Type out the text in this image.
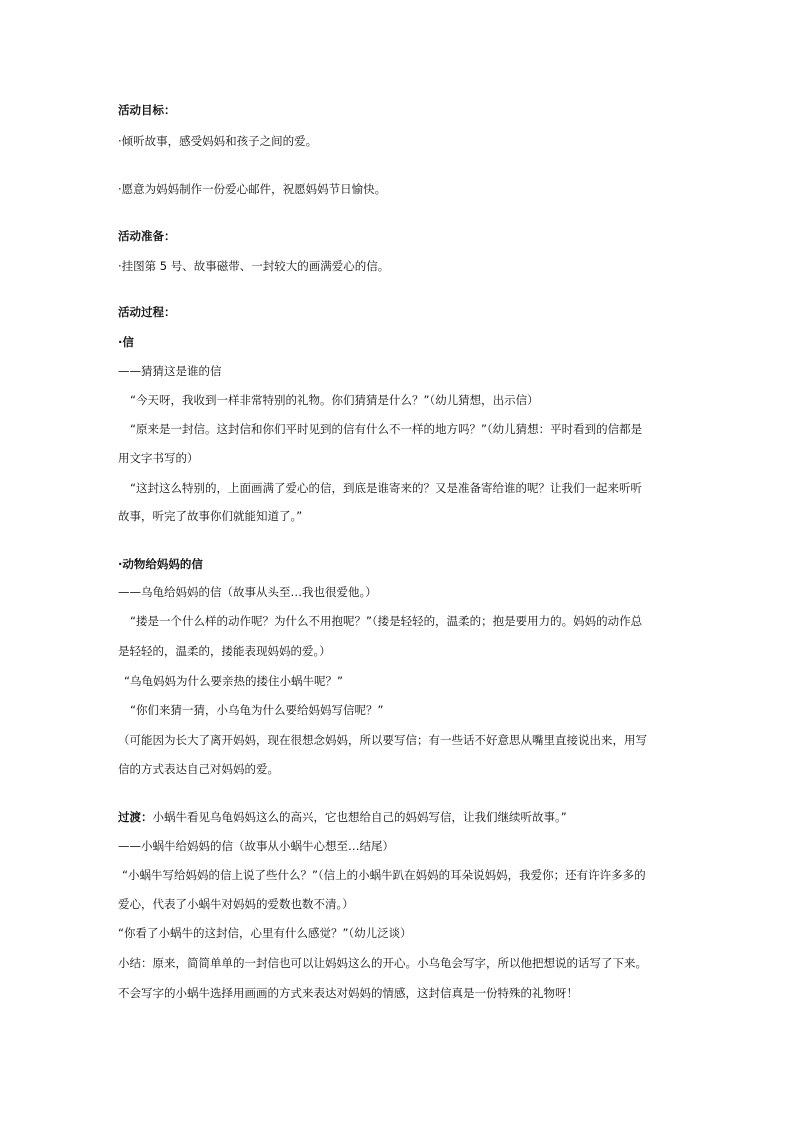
活动目标：
·倾听故事，感受妈妈和孩子之间的爱。
·愿意为妈妈制作一份爱心邮件，祝愿妈妈节日愉快。
活动准备：
·挂图第 5 号、故事磁带、一封较大的画满爱心的信。
活动过程：
·信
——猜猜这是谁的信
“今天呀，我收到一样非常特别的礼物。你们猜猜是什么？”（幼儿猜想，出示信）
“原来是一封信。这封信和你们平时见到的信有什么不一样的地方吗？”（幼儿猜想：平时看到的信都是
用文字书写的）
“这封这么特别的，上面画满了爱心的信，到底是谁寄来的？又是准备寄给谁的呢？让我们一起来听听
故事，听完了故事你们就能知道了。”
·动物给妈妈的信
——乌龟给妈妈的信（故事从头至…我也很爱他。）
“搂是一个什么样的动作呢？为什么不用抱呢？”（搂是轻轻的，温柔的；抱是要用力的。妈妈的动作总
是轻轻的，温柔的，搂能表现妈妈的爱。）
“乌龟妈妈为什么要亲热的搂住小蜗牛呢？”
“你们来猜一猜，小乌龟为什么要给妈妈写信呢？”
（可能因为长大了离开妈妈，现在很想念妈妈，所以要写信；有一些话不好意思从嘴里直接说出来，用写
信的方式表达自己对妈妈的爱。
过渡：小蜗牛看见乌龟妈妈这么的高兴，它也想给自己的妈妈写信，让我们继续听故事。”
——小蜗牛给妈妈的信（故事从小蜗牛心想至…结尾）
“小蜗牛写给妈妈的信上说了些什么？”（信上的小蜗牛趴在妈妈的耳朵说妈妈，我爱你；还有许许多多的
爱心，代表了小蜗牛对妈妈的爱数也数不清。）
“你看了小蜗牛的这封信，心里有什么感觉？”（幼儿泛谈）
小结：原来，简简单单的一封信也可以让妈妈这么的开心。小乌龟会写字，所以他把想说的话写了下来。
不会写字的小蜗牛选择用画画的方式来表达对妈妈的情感，这封信真是一份特殊的礼物呀！
